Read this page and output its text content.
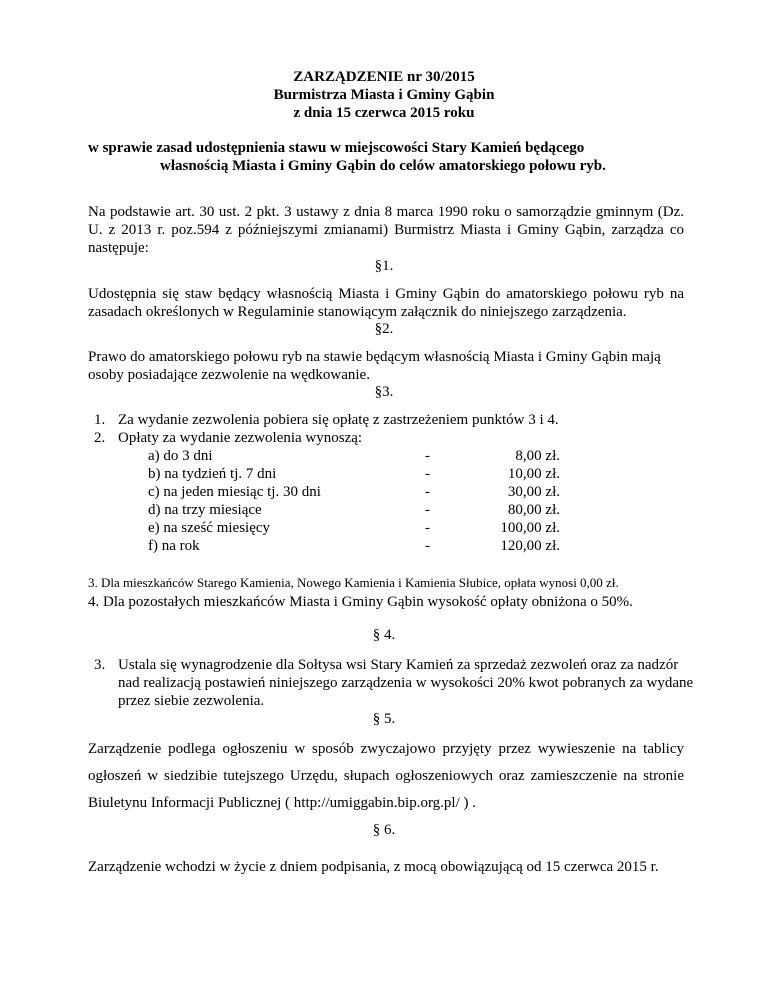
ZARZĄDZENIE nr 30/2015
Burmistrza Miasta i Gminy Gąbin
z dnia 15 czerwca 2015 roku
w sprawie zasad udostępnienia stawu w miejscowości Stary Kamień będącego
własnością Miasta i Gminy Gąbin do celów amatorskiego połowu ryb.
Na podstawie art. 30 ust. 2 pkt. 3 ustawy z dnia 8 marca 1990 roku o samorządzie gminnym (Dz. U. z 2013 r. poz.594 z późniejszymi zmianami) Burmistrz Miasta i Gminy Gąbin, zarządza co następuje:
§1.
Udostępnia się staw będący własnością Miasta i Gminy Gąbin do amatorskiego połowu ryb na zasadach określonych w Regulaminie stanowiącym załącznik do niniejszego zarządzenia.
§2.
Prawo do amatorskiego połowu ryb na stawie będącym własnością Miasta i Gminy Gąbin mają
osoby posiadające zezwolenie na wędkowanie.
§3.
1. Za wydanie zezwolenia pobiera się opłatę z zastrzeżeniem punktów 3 i 4.
2. Opłaty za wydanie zezwolenia wynoszą:
a) do 3 dni	-	8,00 zł.
b) na tydzień tj. 7 dni	-	10,00 zł.
c) na jeden miesiąc tj. 30 dni	-	30,00 zł.
d) na trzy miesiące	-	80,00 zł.
e) na sześć miesięcy	-	100,00 zł.
f) na rok	-	120,00 zł.
3. Dla mieszkańców Starego Kamienia, Nowego Kamienia i Kamienia Słubice, opłata wynosi 0,00 zł.
4. Dla pozostałych mieszkańców Miasta i Gminy Gąbin wysokość opłaty obniżona o 50%.
§ 4.
3. Ustala się wynagrodzenie dla Sołtysa wsi Stary Kamień za sprzedaż zezwoleń oraz za nadzór
nad realizacją postawień niniejszego zarządzenia w wysokości 20% kwot pobranych za wydane
przez siebie zezwolenia.
§ 5.
Zarządzenie podlega ogłoszeniu w sposób zwyczajowo przyjęty przez wywieszenie na tablicy ogłoszeń w siedzibie tutejszego Urzędu, słupach ogłoszeniowych oraz zamieszczenie na stronie Biuletynu Informacji Publicznej ( http://umiggabin.bip.org.pl/ ) .
§ 6.
Zarządzenie wchodzi w życie z dniem podpisania, z mocą obowiązującą od 15 czerwca 2015 r.
